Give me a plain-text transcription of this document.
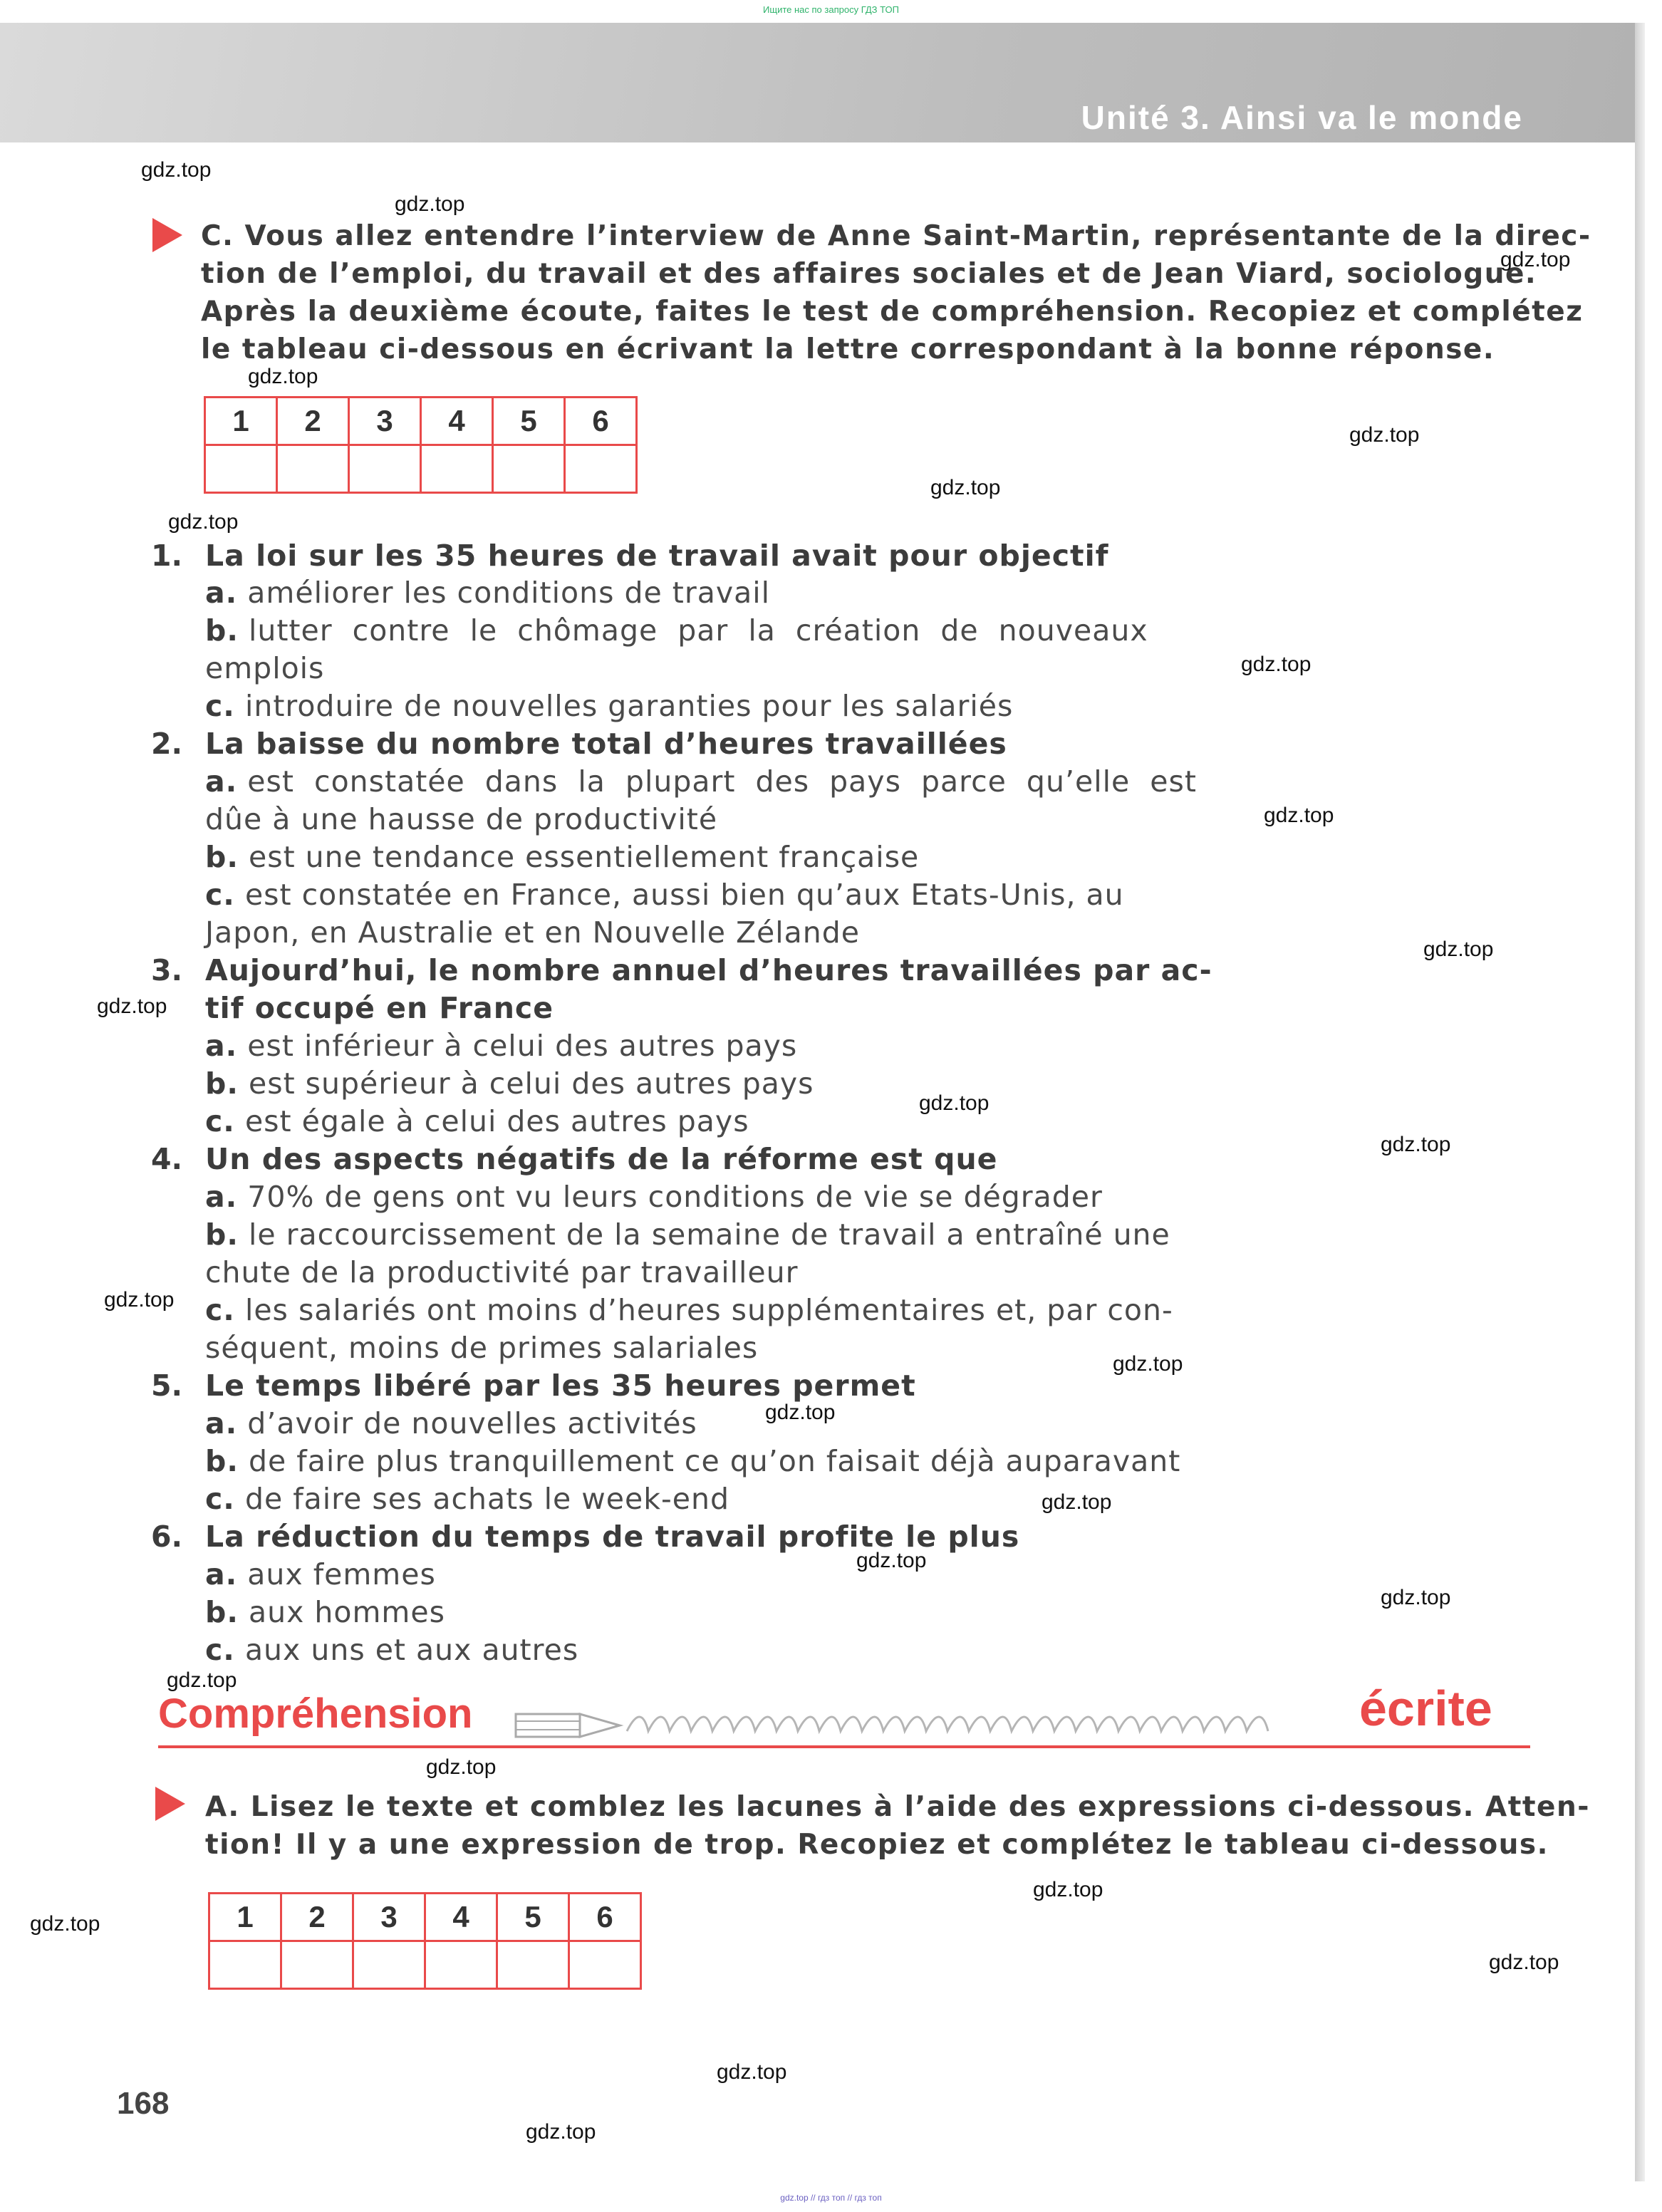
Ищите нас по запросу ГДЗ ТОП
Unité 3. Ainsi va le monde
C. Vous allez entendre l’interview de Anne Saint-Martin, représentante de la direc-
tion de l’emploi, du travail et des affaires sociales et de Jean Viard, sociologue.
Après la deuxième écoute, faites le test de compréhension. Recopiez et complétez
le tableau ci-dessous en écrivant la lettre correspondant à la bonne réponse.
1	2	3	4	5	6

1. La loi sur les 35 heures de travail avait pour objectif
a. améliorer les conditions de travail
b. lutter  contre  le  chômage  par  la  création  de  nouveaux
emplois
c. introduire de nouvelles garanties pour les salariés
2. La baisse du nombre total d’heures travaillées
a. est  constatée  dans  la  plupart  des  pays  parce  qu’elle  est
dûe à une hausse de productivité
b. est une tendance essentiellement française
c. est constatée en France, aussi bien qu’aux Etats-Unis, au
Japon, en Australie et en Nouvelle Zélande
3. Aujourd’hui, le nombre annuel d’heures travaillées par ac-
tif occupé en France
a. est inférieur à celui des autres pays
b. est supérieur à celui des autres pays
c. est égale à celui des autres pays
4. Un des aspects négatifs de la réforme est que
a. 70% de gens ont vu leurs conditions de vie se dégrader
b. le raccourcissement de la semaine de travail a entraîné une
chute de la productivité par travailleur
c. les salariés ont moins d’heures supplémentaires et, par con-
séquent, moins de primes salariales
5. Le temps libéré par les 35 heures permet
a. d’avoir de nouvelles activités
b. de faire plus tranquillement ce qu’on faisait déjà auparavant
c. de faire ses achats le week-end
6. La réduction du temps de travail profite le plus
a. aux femmes
b. aux hommes
c. aux uns et aux autres
Compréhension	écrite
A. Lisez le texte et comblez les lacunes à l’aide des expressions ci-dessous. Atten-
tion! Il y a une expression de trop. Recopiez et complétez le tableau ci-dessous.
1	2	3	4	5	6

168
gdz.top
gdz.top
gdz.top
gdz.top
gdz.top
gdz.top
gdz.top
gdz.top
gdz.top
gdz.top
gdz.top
gdz.top
gdz.top
gdz.top
gdz.top
gdz.top
gdz.top
gdz.top
gdz.top
gdz.top
gdz.top
gdz.top
gdz.top
gdz.top
gdz.top
gdz.top
gdz.top // гдз топ // гдз топ
